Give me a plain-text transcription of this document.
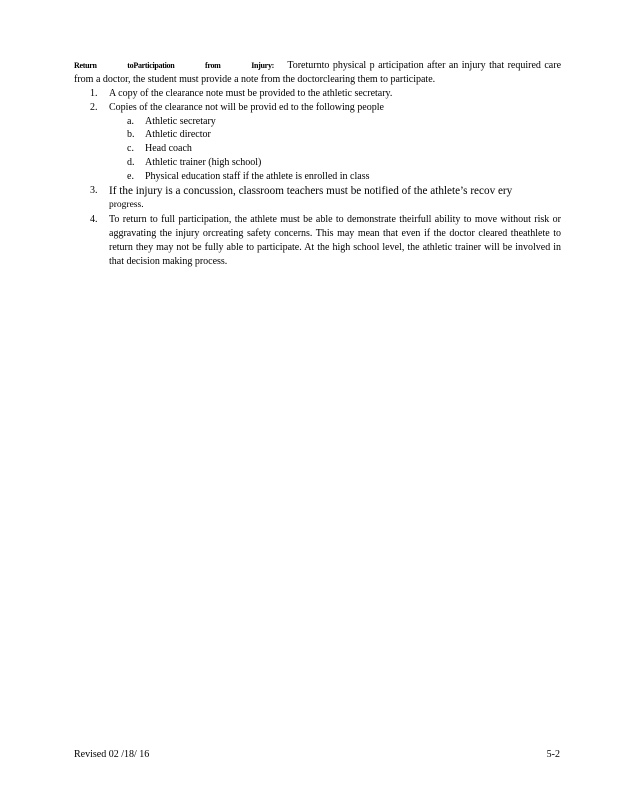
Return toParticipation from Injury: Toreturnto physical p articipation after an injury that required care from a doctor, the student must provide a note from the doctorclearing them to participate.

1. A copy of the clearance note must be provided to the athletic secretary.
2. Copies of the clearance not will be provid ed to the following people
a. Athletic secretary
b. Athletic director
c. Head coach
d. Athletic trainer (high school)
e. Physical education staff if the athlete is enrolled in class
3. If the injury is a concussion, classroom teachers must be notified of the athlete’s recov ery
progress.
4. To return to full participation, the athlete must be able to demonstrate theirfull ability to move without risk or aggravating the injury orcreating safety concerns. This may mean that even if the doctor cleared theathlete to return they may not be fully able to participate. At the high school level, the athletic trainer will be involved in that decision making process.
Revised 02 /18/ 16	5-2
